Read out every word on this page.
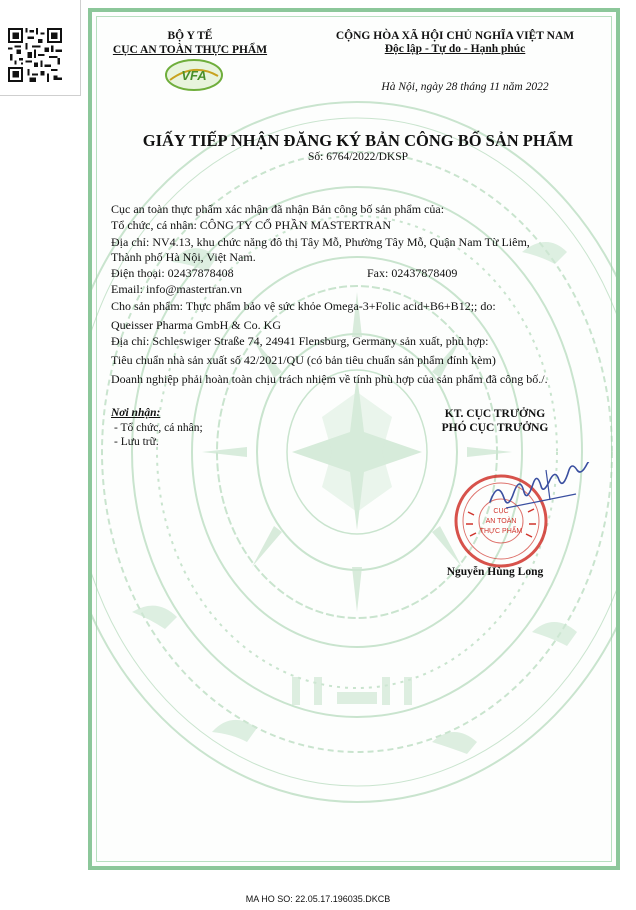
BỘ Y TẾ
CỤC AN TOÀN THỰC PHẨM
VFA
CỘNG HÒA XÃ HỘI CHỦ NGHĨA VIỆT NAM
Độc lập - Tự do - Hạnh phúc
Hà Nội, ngày 28 tháng 11 năm 2022
GIẤY TIẾP NHẬN ĐĂNG KÝ BẢN CÔNG BỐ SẢN PHẨM
Số: 6764/2022/DKSP
Cục an toàn thực phẩm xác nhận đã nhận Bản công bố sản phẩm của:
Tổ chức, cá nhân: CÔNG TY CỔ PHẦN MASTERTRAN
Địa chỉ: NV4.13, khu chức năng đô thị Tây Mỗ, Phường Tây Mỗ, Quận Nam Từ Liêm,
Thành phố Hà Nội, Việt Nam.
Điện thoại: 02437878408	Fax: 02437878409
Email: info@mastertran.vn
Cho sản phẩm: Thực phẩm bảo vệ sức khỏe Omega-3+Folic acid+B6+B12;; do:
Queisser Pharma GmbH & Co. KG
Địa chỉ: Schleswiger Straße 74, 24941 Flensburg, Germany sản xuất, phù hợp:
Tiêu chuẩn nhà sản xuất số 42/2021/QU (có bản tiêu chuẩn sản phẩm đính kèm)
Doanh nghiệp phải hoàn toàn chịu trách nhiệm về tính phù hợp của sản phẩm đã công bố./.
Nơi nhận:
- Tổ chức, cá nhân;
- Lưu trữ.
KT. CỤC TRƯỞNG
PHÓ CỤC TRƯỞNG
CỤC
AN TOÀN
THỰC PHẨM
Nguyễn Hùng Long
MA HO SO: 22.05.17.196035.DKCB
